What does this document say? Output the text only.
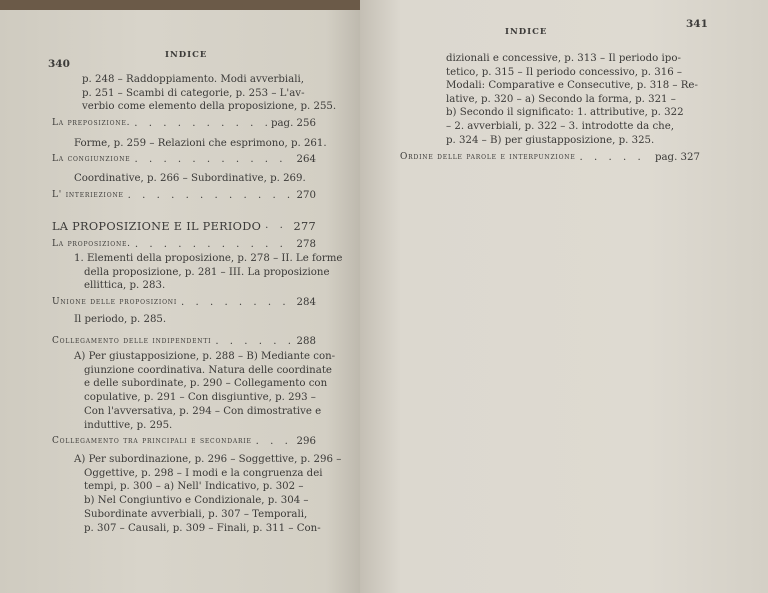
INDICE
340
p. 248 – Raddoppiamento. Modi avverbiali,
p. 251 – Scambi di categorie, p. 253 – L'av-
verbio come elemento della proposizione, p. 255.
La preposizione. . . .	pag. 256
Forme, p. 259 – Relazioni che esprimono, p. 261.
La congiunzione . . .	264
Coordinative, p. 266 – Subordinative, p. 269.
L' interiezione . . .	270
LA PROPOSIZIONE E IL PERIODO . . .	277
La proposizione. . . .	278
1. Elementi della proposizione, p. 278 – II. Le forme
della proposizione, p. 281 – III. La proposizione
ellittica, p. 283.
Unione delle proposizioni . . .	284
Il periodo, p. 285.
Collegamento delle indipendenti . . .	288
A) Per giustapposizione, p. 288 – B) Mediante con-
giunzione coordinativa. Natura delle coordinate
e delle subordinate, p. 290 – Collegamento con
copulative, p. 291 – Con disgiuntive, p. 293 –
Con l'avversativa, p. 294 – Con dimostrative e
induttive, p. 295.
Collegamento tra principali e secondarie . . .	296
A) Per subordinazione, p. 296 – Soggettive, p. 296 –
Oggettive, p. 298 – I modi e la congruenza dei
tempi, p. 300 – a) Nell' Indicativo, p. 302 –
b) Nel Congiuntivo e Condizionale, p. 304 –
Subordinate avverbiali, p. 307 – Temporali,
p. 307 – Causali, p. 309 – Finali, p. 311 – Con-
INDICE
341
dizionali e concessive, p. 313 – Il periodo ipo-
tetico, p. 315 – Il periodo concessivo, p. 316 –
Modali: Comparative e Consecutive, p. 318 – Re-
lative, p. 320 – a) Secondo la forma, p. 321 –
b) Secondo il significato: 1. attributive, p. 322
– 2. avverbiali, p. 322 – 3. introdotte da che,
p. 324 – B) per giustapposizione, p. 325.
Ordine delle parole e interpunzione . . .	pag. 327
